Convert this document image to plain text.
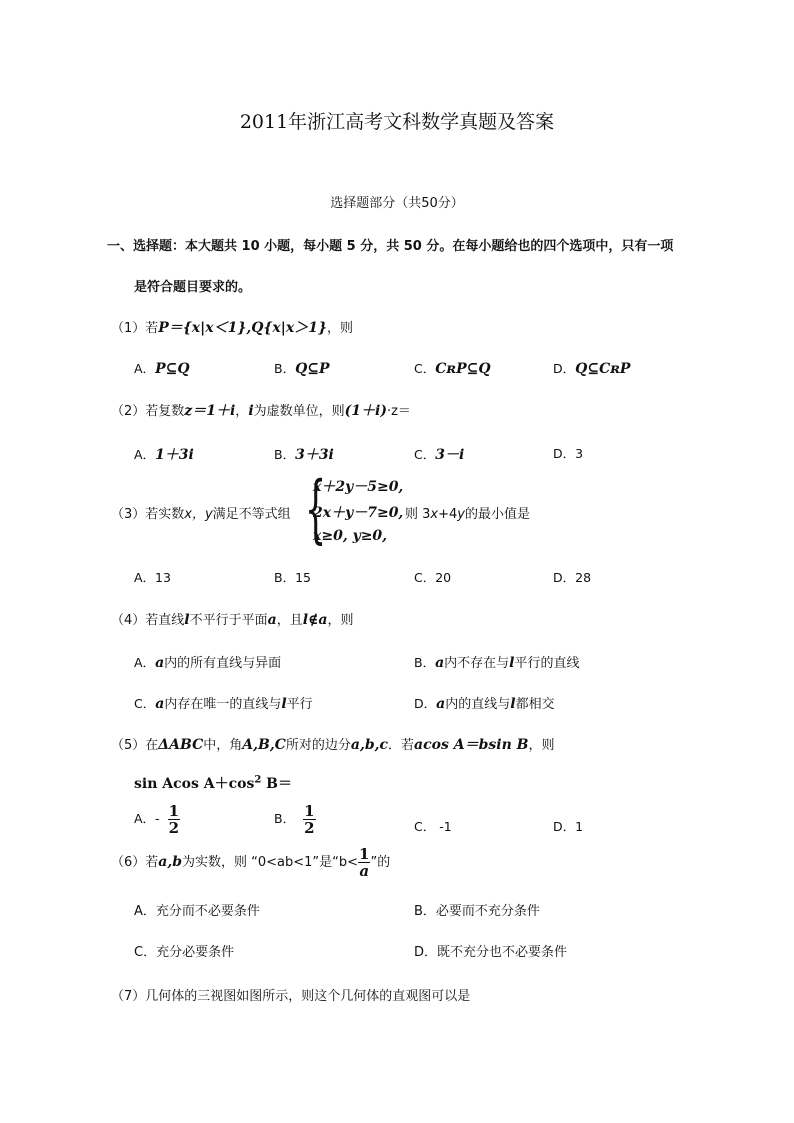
2011年浙江高考文科数学真题及答案
选择题部分（共50分）
一、选择题：本大题共 10 小题，每小题 5 分，共 50 分。在每小题给也的四个选项中，只有一项
是符合题目要求的。
（1）若P＝{x|x＜1},Q{x|x＞1}，则
A．P⊆Q	B．Q⊆P	C．CʀP⊆Q	D．Q⊆CʀP
（2）若复数z＝1＋i，i为虚数单位，则(1＋i)·z＝
A．1＋3i	B．3＋3i	C．3－i	D．3
（3）若实数x，y满足不等式组 {
x＋2y－5≥0,
2x＋y－7≥0,
x≥0, y≥0,
则 3x+4y的最小值是
A．13	B．15	C．20	D．28
（4）若直线l不平行于平面a，且l∉a，则
A．a内的所有直线与异面	B．a内不存在与l平行的直线
C．a内存在唯一的直线与l平行	D．a内的直线与l都相交
（5）在ΔABC中，角A,B,C所对的边分a,b,c．若acos A＝bsin B，则
sin Acos $A+\cos^2$ B＝
A．- $\frac{1}{2}$	B． $\frac{1}{2}$	C． -1	D．1
（6）若a,b为实数，则 “0<ab<1”是“$b< \frac{1}{a}$ ”的
A．充分而不必要条件	B．必要而不充分条件
C．充分必要条件	D．既不充分也不必要条件
（7）几何体的三视图如图所示，则这个几何体的直观图可以是
